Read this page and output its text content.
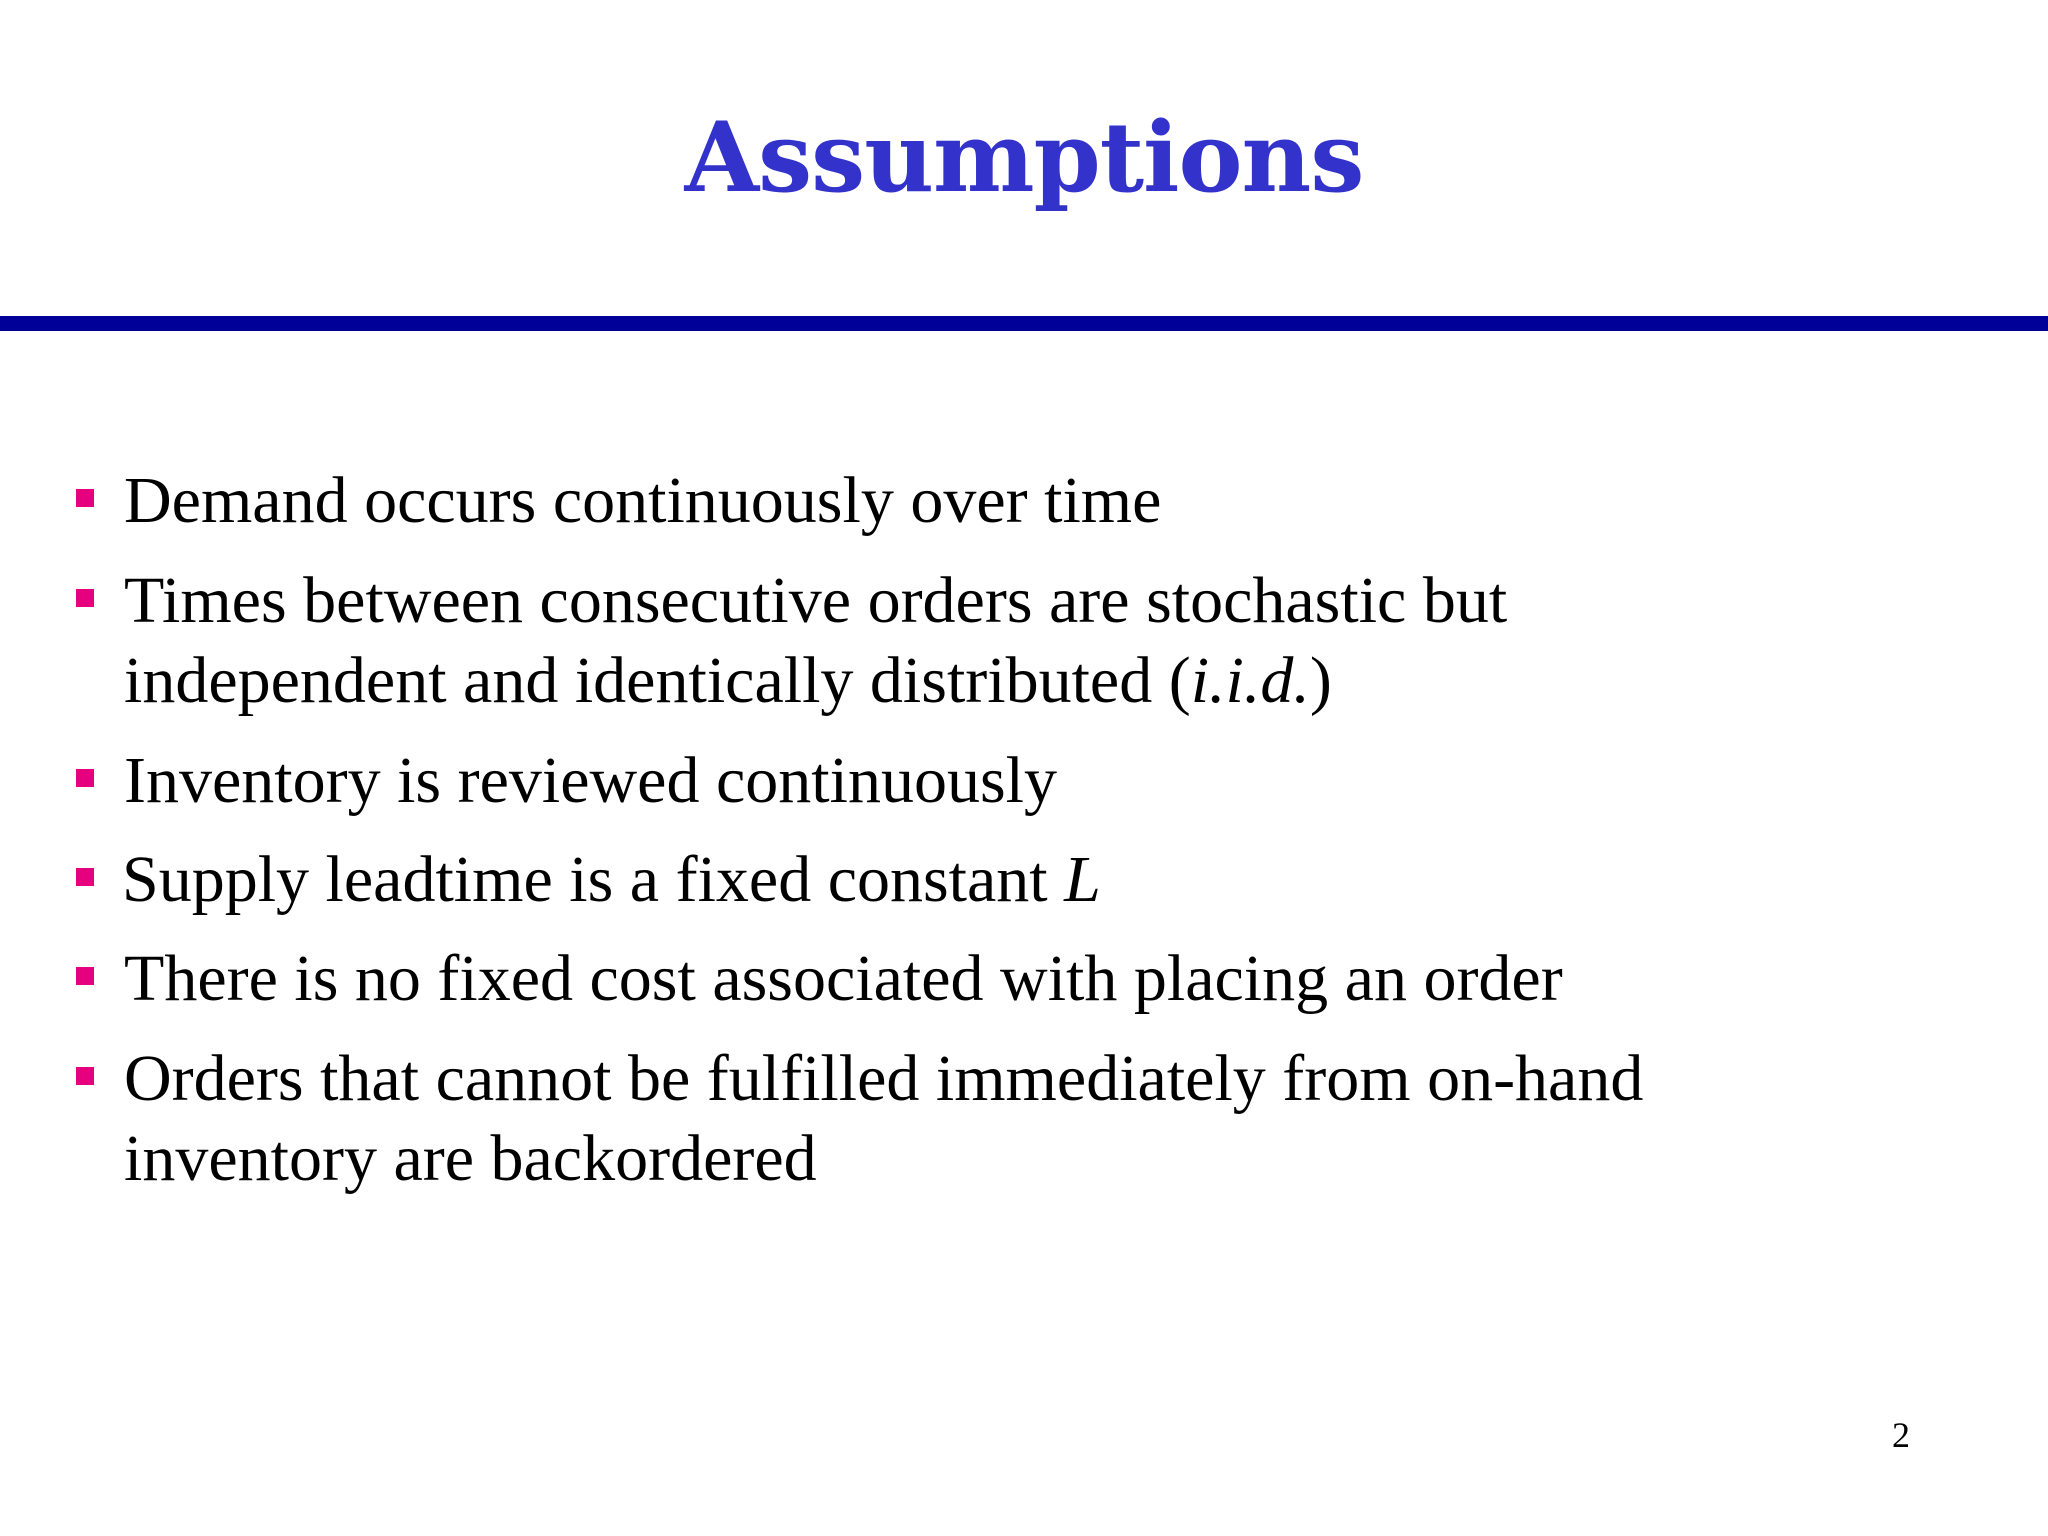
Assumptions
Demand occurs continuously over time
Times between consecutive orders are stochastic but
independent and identically distributed (i.i.d.)
Inventory is reviewed continuously
Supply leadtime is a fixed constant L
There is no fixed cost associated with placing an order
Orders that cannot be fulfilled immediately from on-hand
inventory are backordered
2
